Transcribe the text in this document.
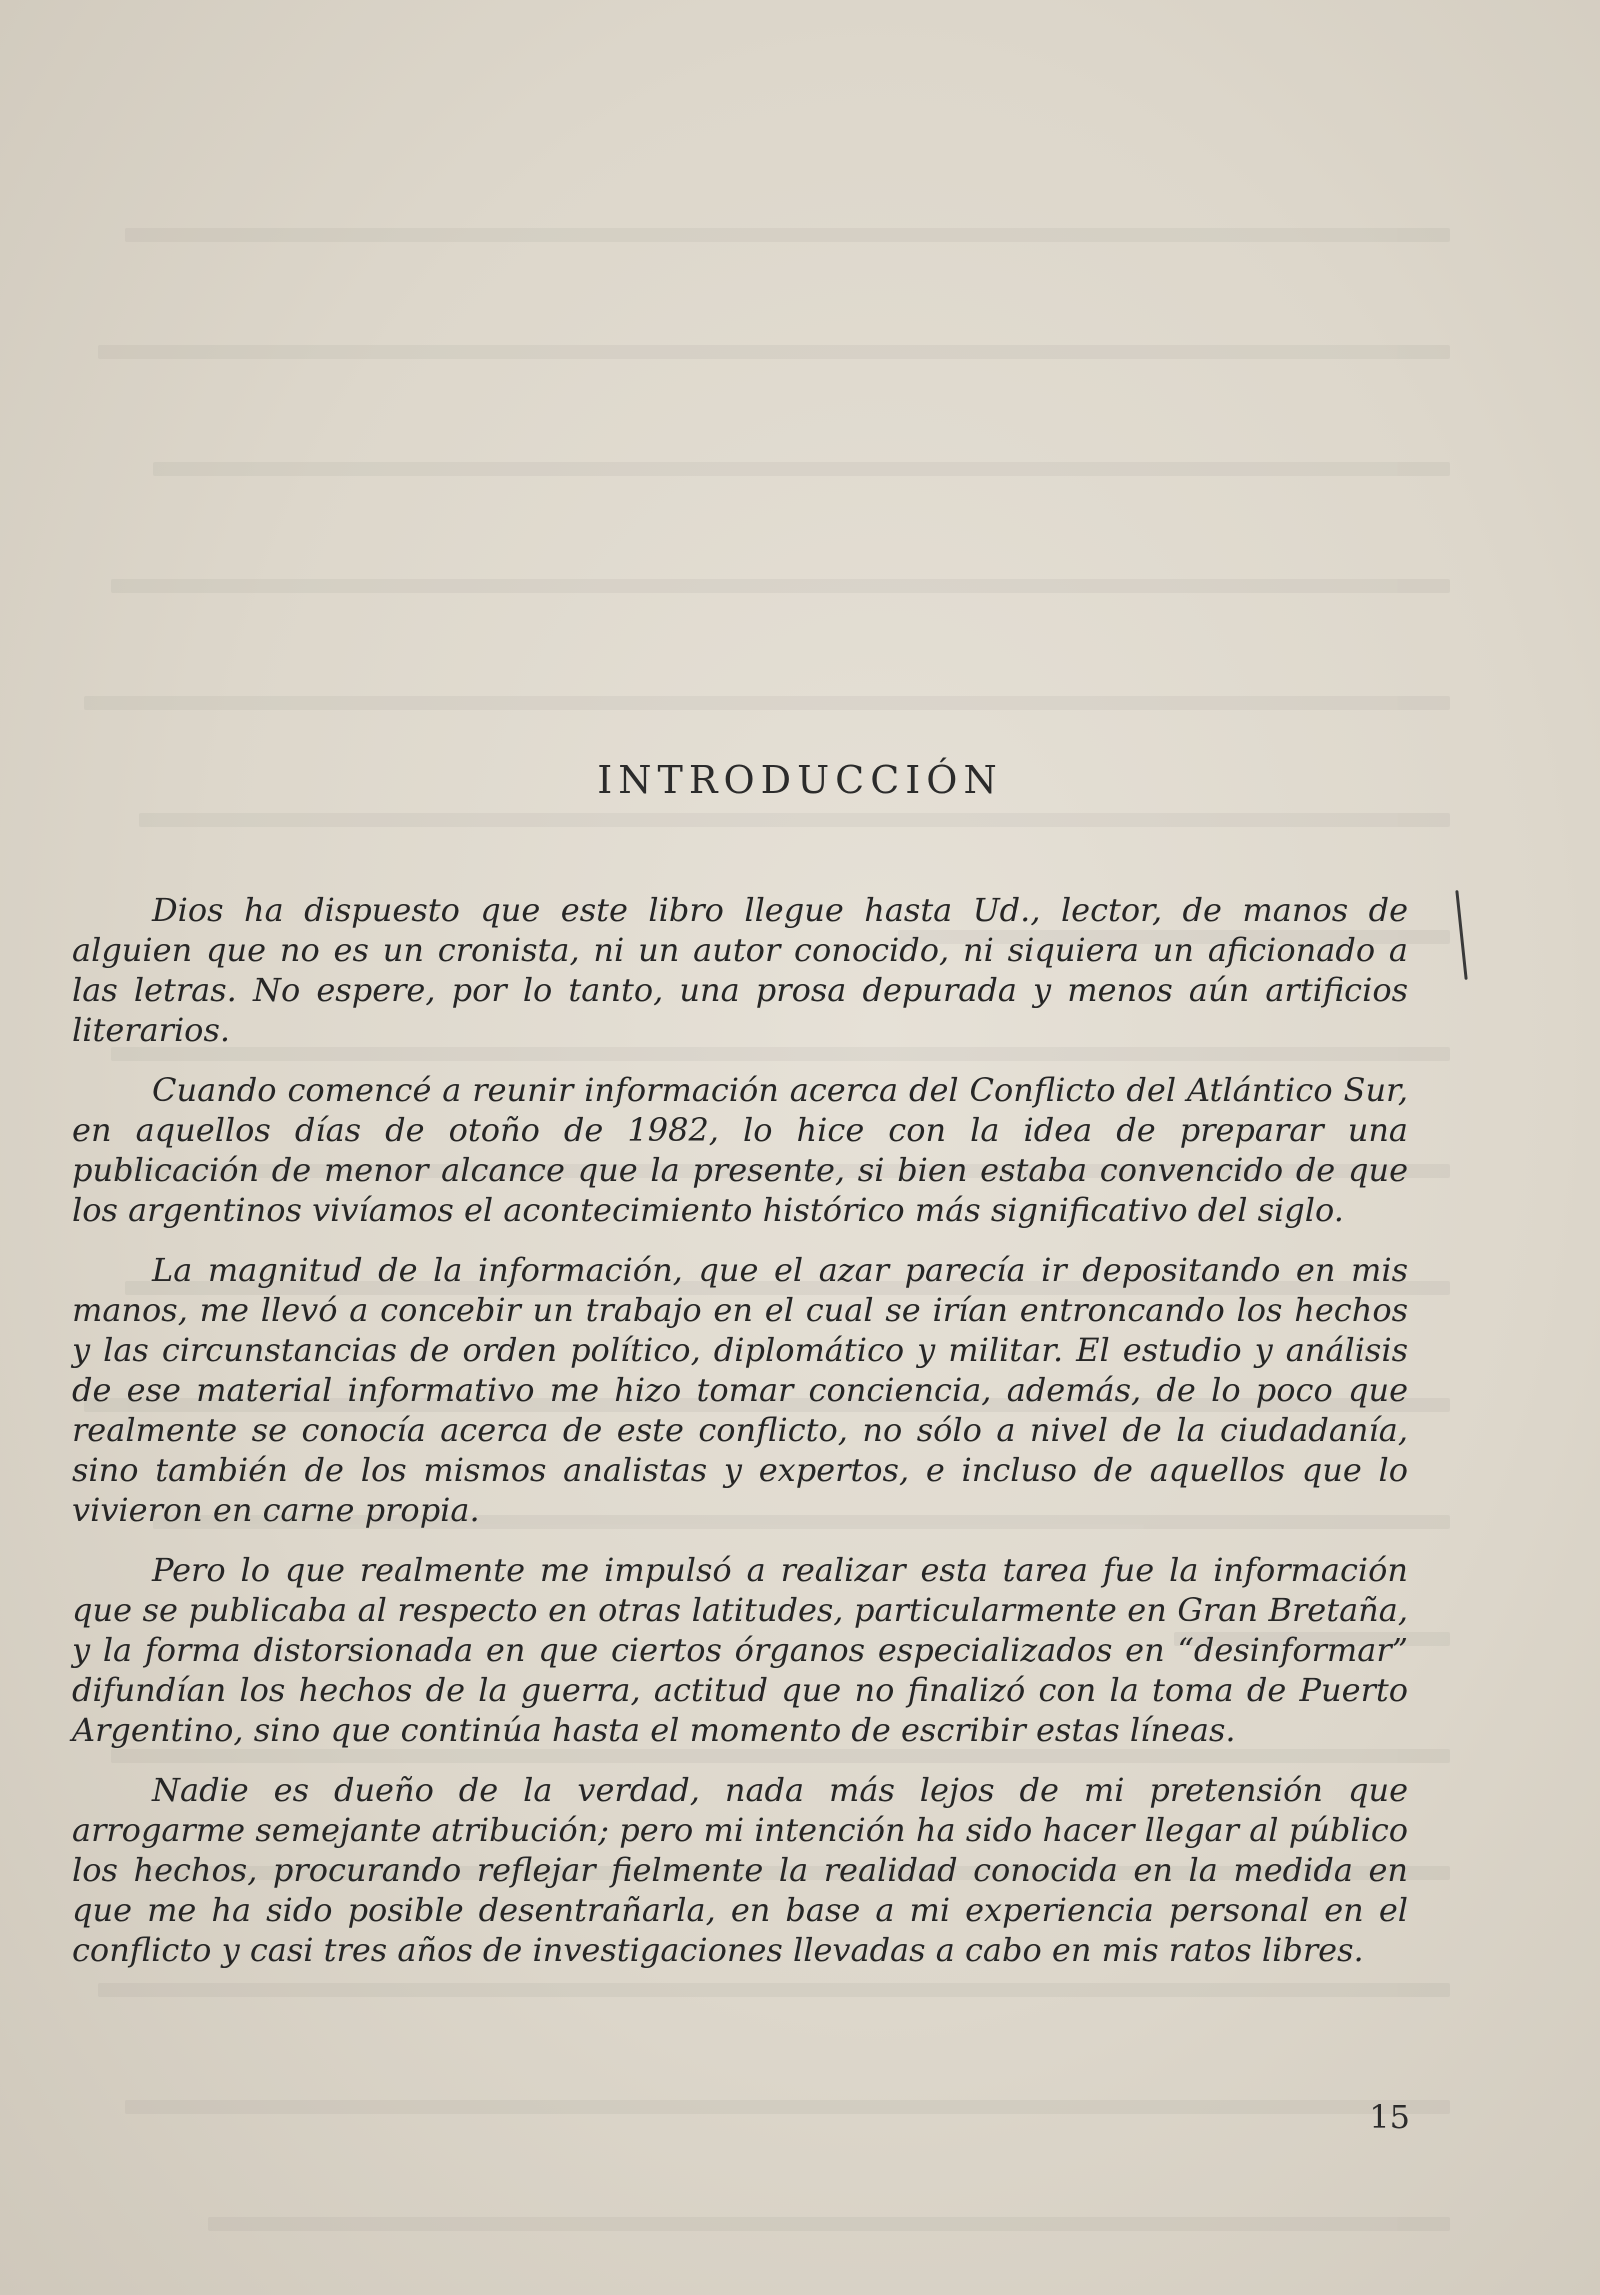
INTRODUCCIÓN

Dios ha dispuesto que este libro llegue hasta Ud., lector, de manos de alguien que no es un cronista, ni un autor conocido, ni siquiera un aficionado a las letras. No espere, por lo tanto, una prosa depurada y menos aún artificios literarios.

Cuando comencé a reunir información acerca del Conflicto del Atlántico Sur, en aquellos días de otoño de 1982, lo hice con la idea de preparar una publicación de menor alcance que la presente, si bien estaba convencido de que los argentinos vivíamos el acontecimiento histórico más significativo del siglo.

La magnitud de la información, que el azar parecía ir depositando en mis manos, me llevó a concebir un trabajo en el cual se irían entroncando los hechos y las circunstancias de orden político, diplomático y militar. El estudio y análisis de ese material informativo me hizo tomar conciencia, además, de lo poco que realmente se conocía acerca de este conflicto, no sólo a nivel de la ciudadanía, sino también de los mismos analistas y expertos, e incluso de aquellos que lo vivieron en carne propia.

Pero lo que realmente me impulsó a realizar esta tarea fue la información que se publicaba al respecto en otras latitudes, particularmente en Gran Bretaña, y la forma distorsionada en que ciertos órganos especializados en “desinformar” difundían los hechos de la guerra, actitud que no finalizó con la toma de Puerto Argentino, sino que continúa hasta el momento de escribir estas líneas.

Nadie es dueño de la verdad, nada más lejos de mi pretensión que arrogarme semejante atribución; pero mi intención ha sido hacer llegar al público los hechos, procurando reflejar fielmente la realidad conocida en la medida en que me ha sido posible desentrañarla, en base a mi experiencia personal en el conflicto y casi tres años de investigaciones llevadas a cabo en mis ratos libres.

15
